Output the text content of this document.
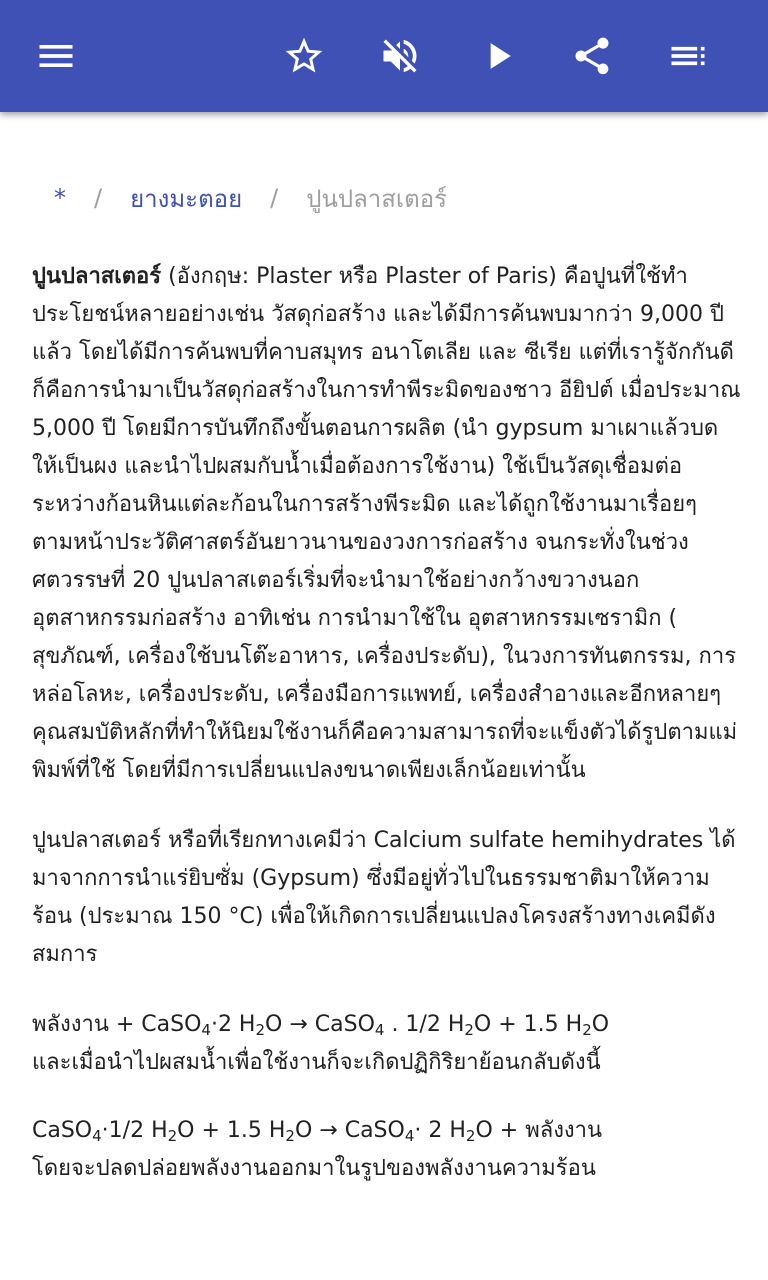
* / ยางมะตอย / ปูนปลาสเตอร์

ปูนปลาสเตอร์ (อังกฤษ: Plaster หรือ Plaster of Paris) คือปูนที่ใช้ทำประโยชน์หลายอย่างเช่น วัสดุก่อสร้าง และได้มีการค้นพบมากว่า 9,000 ปีแล้ว โดยได้มีการค้นพบที่คาบสมุทร อนาโตเลีย และ ซีเรีย แต่ที่เรารู้จักกันดีก็คือการนำมาเป็นวัสดุก่อสร้างในการทำพีระมิดของชาว อียิปต์ เมื่อประมาณ 5,000 ปี โดยมีการบันทึกถึงขั้นตอนการผลิต (นำ gypsum มาเผาแล้วบดให้เป็นผง และนำไปผสมกับน้ำเมื่อต้องการใช้งาน) ใช้เป็นวัสดุเชื่อมต่อระหว่างก้อนหินแต่ละก้อนในการสร้างพีระมิด และได้ถูกใช้งานมาเรื่อยๆ ตามหน้าประวัติศาสตร์อันยาวนานของวงการก่อสร้าง จนกระทั่งในช่วงศตวรรษที่ 20 ปูนปลาสเตอร์เริ่มที่จะนำมาใช้อย่างกว้างขวางนอกอุตสาหกรรมก่อสร้าง อาทิเช่น การนำมาใช้ใน อุตสาหกรรมเซรามิก ( สุขภัณฑ์, เครื่องใช้บนโต๊ะอาหาร, เครื่องประดับ), ในวงการทันตกรรม, การหล่อโลหะ, เครื่องประดับ, เครื่องมือการแพทย์, เครื่องสำอางและอีกหลายๆ คุณสมบัติหลักที่ทำให้นิยมใช้งานก็คือความสามารถที่จะแข็งตัวได้รูปตามแม่พิมพ์ที่ใช้ โดยที่มีการเปลี่ยนแปลงขนาดเพียงเล็กน้อยเท่านั้น

ปูนปลาสเตอร์ หรือที่เรียกทางเคมีว่า Calcium sulfate hemihydrates ได้มาจากการนำแร่ยิบซั่ม (Gypsum) ซึ่งมีอยู่ทั่วไปในธรรมชาติมาให้ความร้อน (ประมาณ 150 °C) เพื่อให้เกิดการเปลี่ยนแปลงโครงสร้างทางเคมีดังสมการ

พลังงาน + CaSO$_4$·2 $H_2O$ → CaSO$_4$ . 1/2 $H_2O + 1.5$ $H_2O$
และเมื่อนำไปผสมน้ำเพื่อใช้งานก็จะเกิดปฏิกิริยาย้อนกลับดังนี้

CaSO$_4$·1/2 $H_2O + 1.5$ $H_2O$ → CaSO$_4$· 2 $H_2O$ + พลังงาน
โดยจะปลดปล่อยพลังงานออกมาในรูปของพลังงานความร้อน
